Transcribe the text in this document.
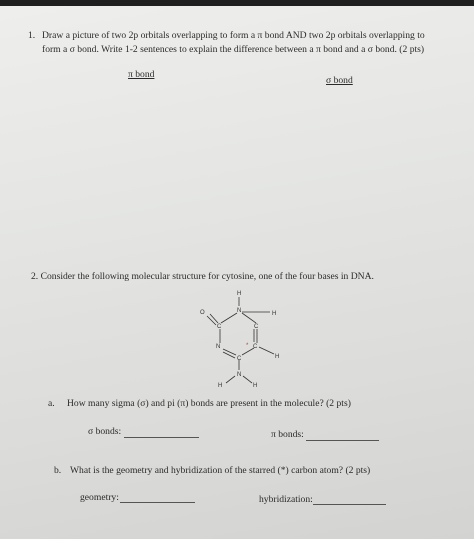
1. Draw a picture of two 2p orbitals overlapping to form a π bond AND two 2p orbitals overlapping to
form a σ bond. Write 1-2 sentences to explain the difference between a π bond and a σ bond. (2 pts)
π bond
σ bond
2. Consider the following molecular structure for cytosine, one of the four bases in DNA.
H
O	N	H
C	C
N	C
C	H
N
H	H
*
a. How many sigma (σ) and pi (π) bonds are present in the molecule? (2 pts)
σ bonds:	π bonds:
b. What is the geometry and hybridization of the starred (*) carbon atom? (2 pts)
geometry:	hybridization:
